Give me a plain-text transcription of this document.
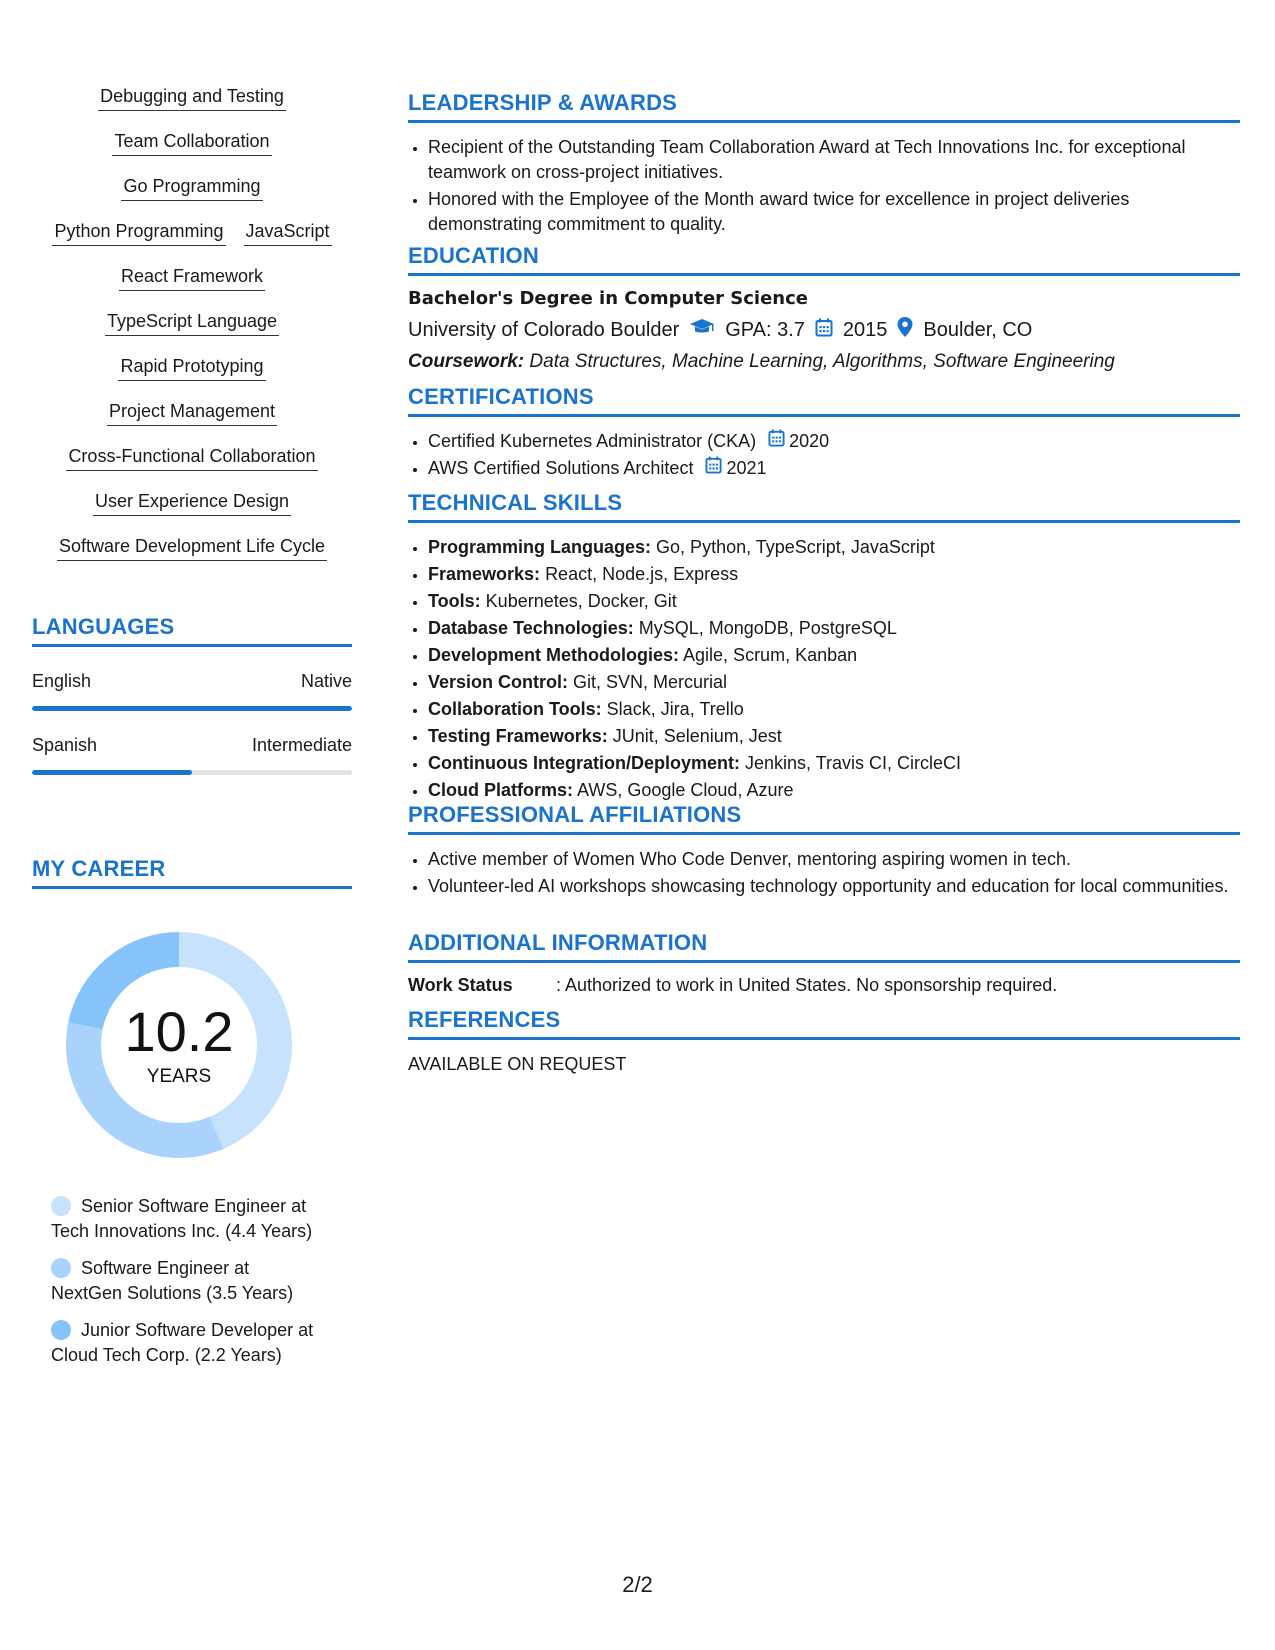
Debugging and Testing
Team Collaboration
Go Programming
Python Programming JavaScript
React Framework
TypeScript Language
Rapid Prototyping
Project Management
Cross-Functional Collaboration
User Experience Design
Software Development Life Cycle
LANGUAGES
English	Native
Spanish	Intermediate
MY CAREER
10.2
YEARS
Senior Software Engineer at
Tech Innovations Inc. (4.4 Years)
Software Engineer at
NextGen Solutions (3.5 Years)
Junior Software Developer at
Cloud Tech Corp. (2.2 Years)
LEADERSHIP & AWARDS
• Recipient of the Outstanding Team Collaboration Award at Tech Innovations Inc. for exceptional teamwork on cross-project initiatives.
• Honored with the Employee of the Month award twice for excellence in project deliveries demonstrating commitment to quality.
EDUCATION
Bachelor's Degree in Computer Science
University of Colorado Boulder GPA: 3.7 2015 Boulder, CO
Coursework: Data Structures, Machine Learning, Algorithms, Software Engineering
CERTIFICATIONS
• Certified Kubernetes Administrator (CKA) 2020
• AWS Certified Solutions Architect 2021
TECHNICAL SKILLS
• Programming Languages: Go, Python, TypeScript, JavaScript
• Frameworks: React, Node.js, Express
• Tools: Kubernetes, Docker, Git
• Database Technologies: MySQL, MongoDB, PostgreSQL
• Development Methodologies: Agile, Scrum, Kanban
• Version Control: Git, SVN, Mercurial
• Collaboration Tools: Slack, Jira, Trello
• Testing Frameworks: JUnit, Selenium, Jest
• Continuous Integration/Deployment: Jenkins, Travis CI, CircleCI
• Cloud Platforms: AWS, Google Cloud, Azure
PROFESSIONAL AFFILIATIONS
• Active member of Women Who Code Denver, mentoring aspiring women in tech.
• Volunteer-led AI workshops showcasing technology opportunity and education for local communities.
ADDITIONAL INFORMATION
Work Status	: Authorized to work in United States. No sponsorship required.
REFERENCES
AVAILABLE ON REQUEST
2/2
